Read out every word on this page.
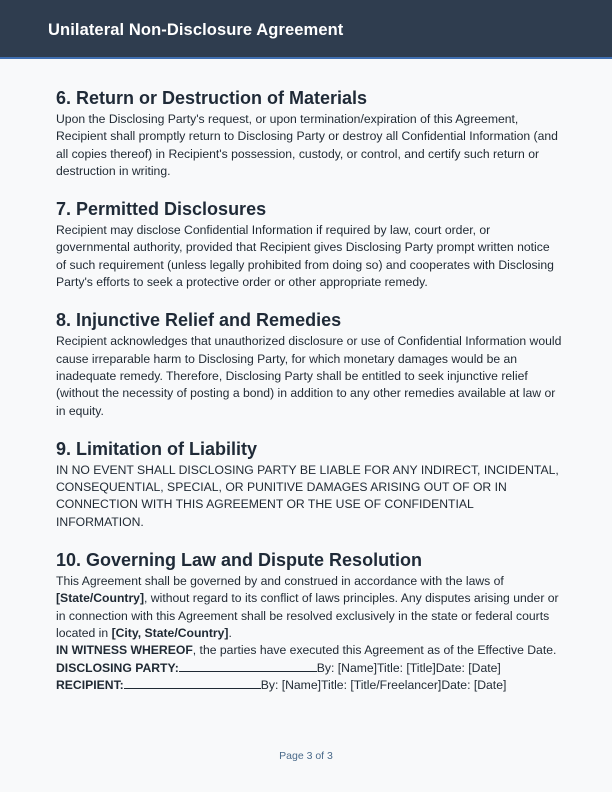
Unilateral Non-Disclosure Agreement
6. Return or Destruction of Materials

Upon the Disclosing Party's request, or upon termination/expiration of this Agreement, Recipient shall promptly return to Disclosing Party or destroy all Confidential Information (and all copies thereof) in Recipient's possession, custody, or control, and certify such return or destruction in writing.

7. Permitted Disclosures

Recipient may disclose Confidential Information if required by law, court order, or governmental authority, provided that Recipient gives Disclosing Party prompt written notice of such requirement (unless legally prohibited from doing so) and cooperates with Disclosing Party's efforts to seek a protective order or other appropriate remedy.

8. Injunctive Relief and Remedies

Recipient acknowledges that unauthorized disclosure or use of Confidential Information would cause irreparable harm to Disclosing Party, for which monetary damages would be an inadequate remedy. Therefore, Disclosing Party shall be entitled to seek injunctive relief (without the necessity of posting a bond) in addition to any other remedies available at law or in equity.

9. Limitation of Liability

IN NO EVENT SHALL DISCLOSING PARTY BE LIABLE FOR ANY INDIRECT, INCIDENTAL, CONSEQUENTIAL, SPECIAL, OR PUNITIVE DAMAGES ARISING OUT OF OR IN CONNECTION WITH THIS AGREEMENT OR THE USE OF CONFIDENTIAL INFORMATION.

10. Governing Law and Dispute Resolution

This Agreement shall be governed by and construed in accordance with the laws of [State/Country], without regard to its conflict of laws principles. Any disputes arising under or in connection with this Agreement shall be resolved exclusively in the state or federal courts located in [City, State/Country].

IN WITNESS WHEREOF, the parties have executed this Agreement as of the Effective Date.

DISCLOSING PARTY:	By: [Name]Title: [Title]Date: [Date]

RECIPIENT:	By: [Name]Title: [Title/Freelancer]Date: [Date]

Page 3 of 3
